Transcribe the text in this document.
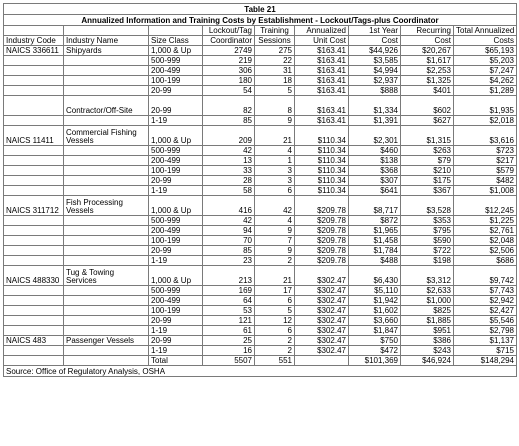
Table 21								
Annualized Information and Training Costs by Establishment - Lockout/Tags-plus Coordinator								
			Lockout/Tag	Training	Annualized	1st Year	Recurring	Total Annualized
Industry Code	Industry Name	Size Class	Coordinator	Sessions	Unit Cost	Cost	Cost	Costs
NAICS 336611	Shipyards	1,000 & Up	2749	275	$163.41	$44,926	$20,267	$65,193
		500-999	219	22	$163.41	$3,585	$1,617	$5,203
		200-499	306	31	$163.41	$4,994	$2,253	$7,247
		100-199	180	18	$163.41	$2,937	$1,325	$4,262
		20-99	54	5	$163.41	$888	$401	$1,289
	Contractor/Off-Site	20-99	82	8	$163.41	$1,334	$602	$1,935
		1-19	85	9	$163.41	$1,391	$627	$2,018
NAICS 11411	Commercial Fishing Vessels	1,000 & Up	209	21	$110.34	$2,301	$1,315	$3,616
		500-999	42	4	$110.34	$460	$263	$723
		200-499	13	1	$110.34	$138	$79	$217
		100-199	33	3	$110.34	$368	$210	$579
		20-99	28	3	$110.34	$307	$175	$482
		1-19	58	6	$110.34	$641	$367	$1,008
NAICS 311712	Fish Processing Vessels	1,000 & Up	416	42	$209.78	$8,717	$3,528	$12,245
		500-999	42	4	$209.78	$872	$353	$1,225
		200-499	94	9	$209.78	$1,965	$795	$2,761
		100-199	70	7	$209.78	$1,458	$590	$2,048
		20-99	85	9	$209.78	$1,784	$722	$2,506
		1-19	23	2	$209.78	$488	$198	$686
NAICS 488330	Tug & Towing Services	1,000 & Up	213	21	$302.47	$6,430	$3,312	$9,742
		500-999	169	17	$302.47	$5,110	$2,633	$7,743
		200-499	64	6	$302.47	$1,942	$1,000	$2,942
		100-199	53	5	$302.47	$1,602	$825	$2,427
		20-99	121	12	$302.47	$3,660	$1,885	$5,546
		1-19	61	6	$302.47	$1,847	$951	$2,798
NAICS 483	Passenger Vessels	20-99	25	2	$302.47	$750	$386	$1,137
		1-19	16	2	$302.47	$472	$243	$715
		Total	5507	551		$101,369	$46,924	$148,294
Source: Office of Regulatory Analysis, OSHA								
